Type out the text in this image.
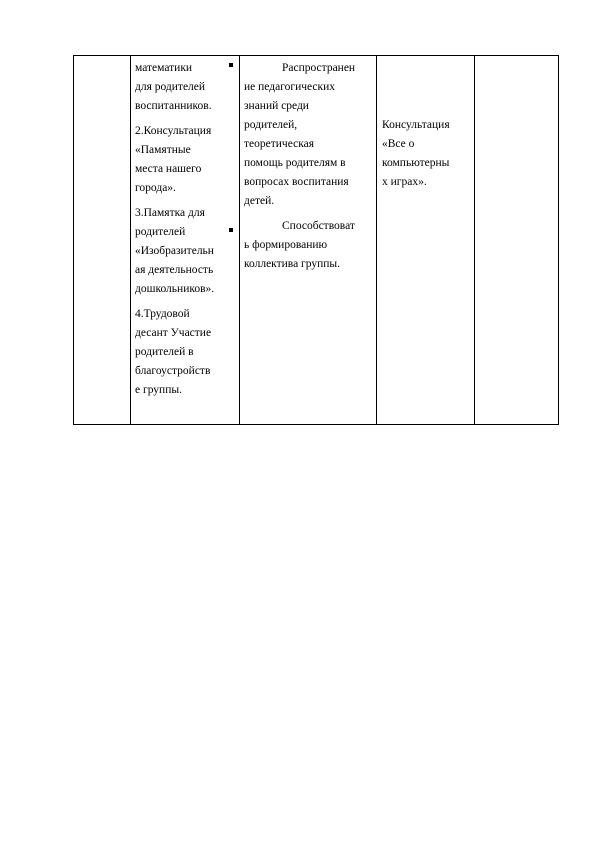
математики
для родителей
воспитанников.
2.Консультация
«Памятные
места нашего
города».
3.Памятка для
родителей
«Изобразительн
ая деятельность
дошкольников».
4.Трудовой
десант Участие
родителей в
благоустройств
е группы.

Распространен
ие педагогических
знаний среди
родителей,
теоретическая
помощь родителям в
вопросах воспитания
детей.
Способствоват
ь формированию
коллектива группы.

Консультация
«Все о
компьютерны
х играх».
